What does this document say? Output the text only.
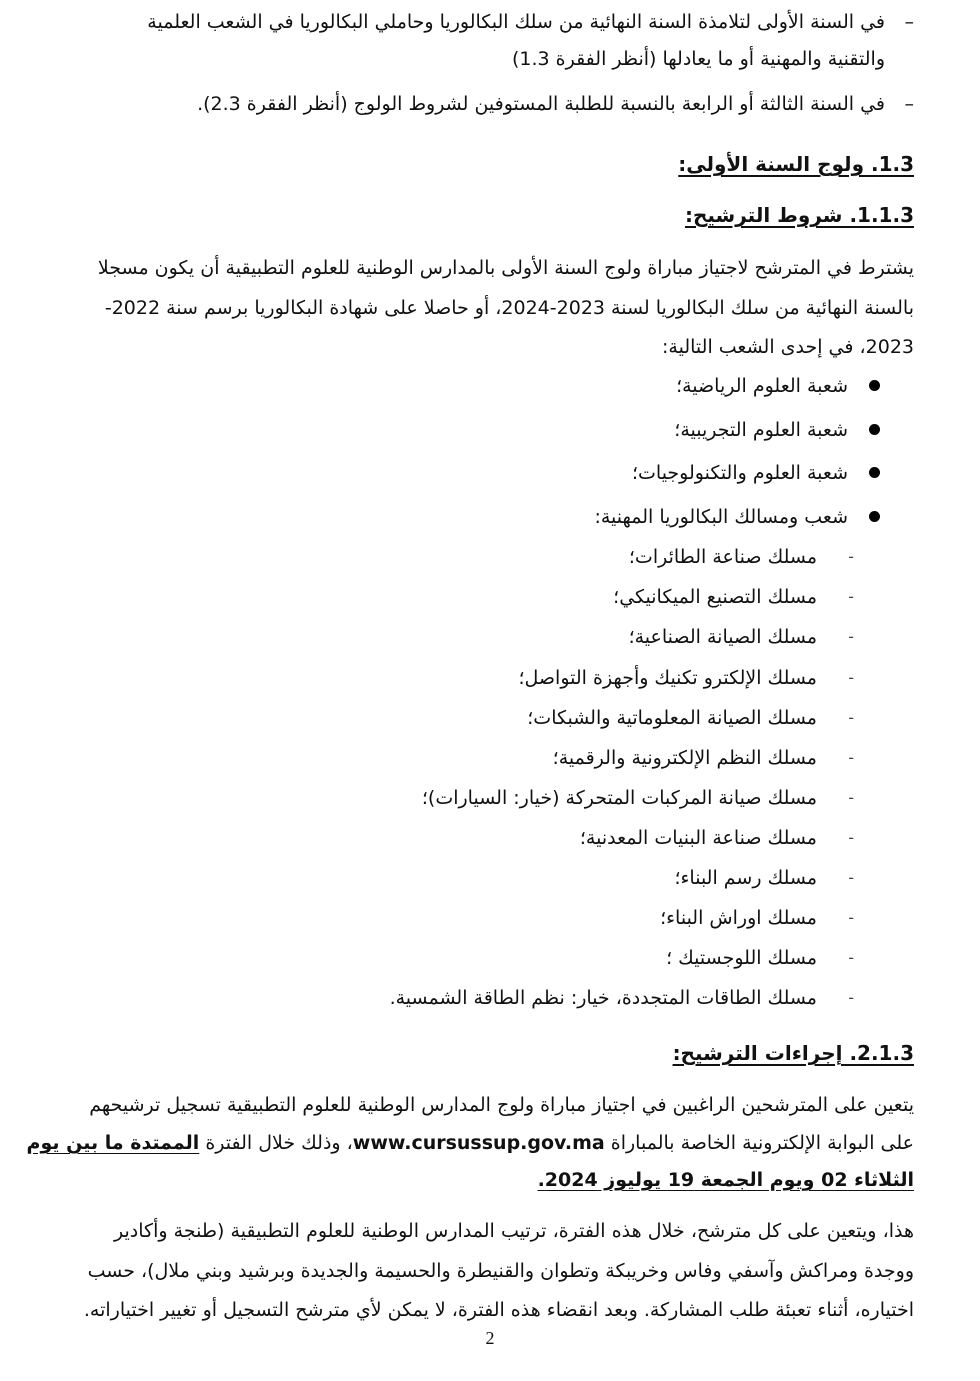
–
في السنة الأولى لتلامذة السنة النهائية من سلك البكالوريا وحاملي البكالوريا في الشعب العلمية
والتقنية والمهنية أو ما يعادلها (أنظر الفقرة 1.3)
–
في السنة الثالثة أو الرابعة بالنسبة للطلبة المستوفين لشروط الولوج (أنظر الفقرة 2.3).
1.3. ولوج السنة الأولى:
1.1.3. شروط الترشيح:
يشترط في المترشح لاجتياز مباراة ولوج السنة الأولى بالمدارس الوطنية للعلوم التطبيقية أن يكون مسجلا
بالسنة النهائية من سلك البكالوريا لسنة 2023-2024، أو حاصلا على شهادة البكالوريا برسم سنة 2022-
2023، في إحدى الشعب التالية:
شعبة العلوم الرياضية؛
شعبة العلوم التجريبية؛
شعبة العلوم والتكنولوجيات؛
شعب ومسالك البكالوريا المهنية:
-
مسلك صناعة الطائرات؛
-
مسلك التصنيع الميكانيكي؛
-
مسلك الصيانة الصناعية؛
-
مسلك الإلكترو تكنيك وأجهزة التواصل؛
-
مسلك الصيانة المعلوماتية والشبكات؛
-
مسلك النظم الإلكترونية والرقمية؛
-
مسلك صيانة المركبات المتحركة (خيار: السيارات)؛
-
مسلك صناعة البنيات المعدنية؛
-
مسلك رسم البناء؛
-
مسلك اوراش البناء؛
-
مسلك اللوجستيك ؛
-
مسلك الطاقات المتجددة، خيار: نظم الطاقة الشمسية.
2.1.3. إجراءات الترشيح:
يتعين على المترشحين الراغبين في اجتياز مباراة ولوج المدارس الوطنية للعلوم التطبيقية تسجيل ترشيحهم
على البوابة الإلكترونية الخاصة بالمباراة www.cursussup.gov.ma، وذلك خلال الفترة الممتدة ما بين يوم
الثلاثاء 02 ويوم الجمعة 19 يوليوز 2024.
هذا، ويتعين على كل مترشح، خلال هذه الفترة، ترتيب المدارس الوطنية للعلوم التطبيقية (طنجة وأكادير
ووجدة ومراكش وآسفي وفاس وخريبكة وتطوان والقنيطرة والحسيمة والجديدة وبرشيد وبني ملال)، حسب
اختياره، أثناء تعبئة طلب المشاركة. وبعد انقضاء هذه الفترة، لا يمكن لأي مترشح التسجيل أو تغيير اختياراته.
2
